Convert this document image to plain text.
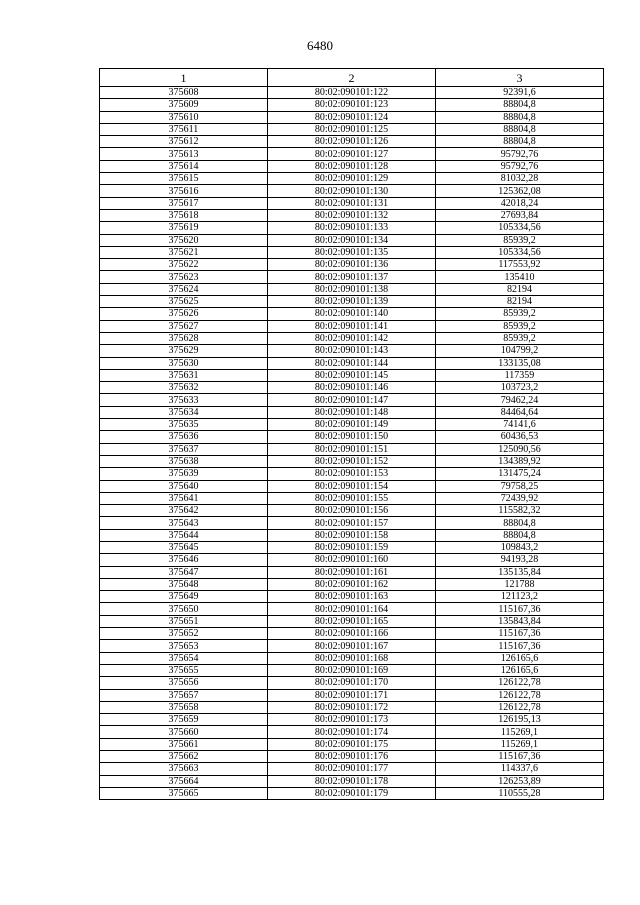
6480
1	2	3
375608	80:02:090101:122	92391,6
375609	80:02:090101:123	88804,8
375610	80:02:090101:124	88804,8
375611	80:02:090101:125	88804,8
375612	80:02:090101:126	88804,8
375613	80:02:090101:127	95792,76
375614	80:02:090101:128	95792,76
375615	80:02:090101:129	81032,28
375616	80:02:090101:130	125362,08
375617	80:02:090101:131	42018,24
375618	80:02:090101:132	27693,84
375619	80:02:090101:133	105334,56
375620	80:02:090101:134	85939,2
375621	80:02:090101:135	105334,56
375622	80:02:090101:136	117553,92
375623	80:02:090101:137	135410
375624	80:02:090101:138	82194
375625	80:02:090101:139	82194
375626	80:02:090101:140	85939,2
375627	80:02:090101:141	85939,2
375628	80:02:090101:142	85939,2
375629	80:02:090101:143	104799,2
375630	80:02:090101:144	133135,08
375631	80:02:090101:145	117359
375632	80:02:090101:146	103723,2
375633	80:02:090101:147	79462,24
375634	80:02:090101:148	84464,64
375635	80:02:090101:149	74141,6
375636	80:02:090101:150	60436,53
375637	80:02:090101:151	125090,56
375638	80:02:090101:152	134389,92
375639	80:02:090101:153	131475,24
375640	80:02:090101:154	79758,25
375641	80:02:090101:155	72439,92
375642	80:02:090101:156	115582,32
375643	80:02:090101:157	88804,8
375644	80:02:090101:158	88804,8
375645	80:02:090101:159	109843,2
375646	80:02:090101:160	94193,28
375647	80:02:090101:161	135135,84
375648	80:02:090101:162	121788
375649	80:02:090101:163	121123,2
375650	80:02:090101:164	115167,36
375651	80:02:090101:165	135843,84
375652	80:02:090101:166	115167,36
375653	80:02:090101:167	115167,36
375654	80:02:090101:168	126165,6
375655	80:02:090101:169	126165,6
375656	80:02:090101:170	126122,78
375657	80:02:090101:171	126122,78
375658	80:02:090101:172	126122,78
375659	80:02:090101:173	126195,13
375660	80:02:090101:174	115269,1
375661	80:02:090101:175	115269,1
375662	80:02:090101:176	115167,36
375663	80:02:090101:177	114337,6
375664	80:02:090101:178	126253,89
375665	80:02:090101:179	110555,28
